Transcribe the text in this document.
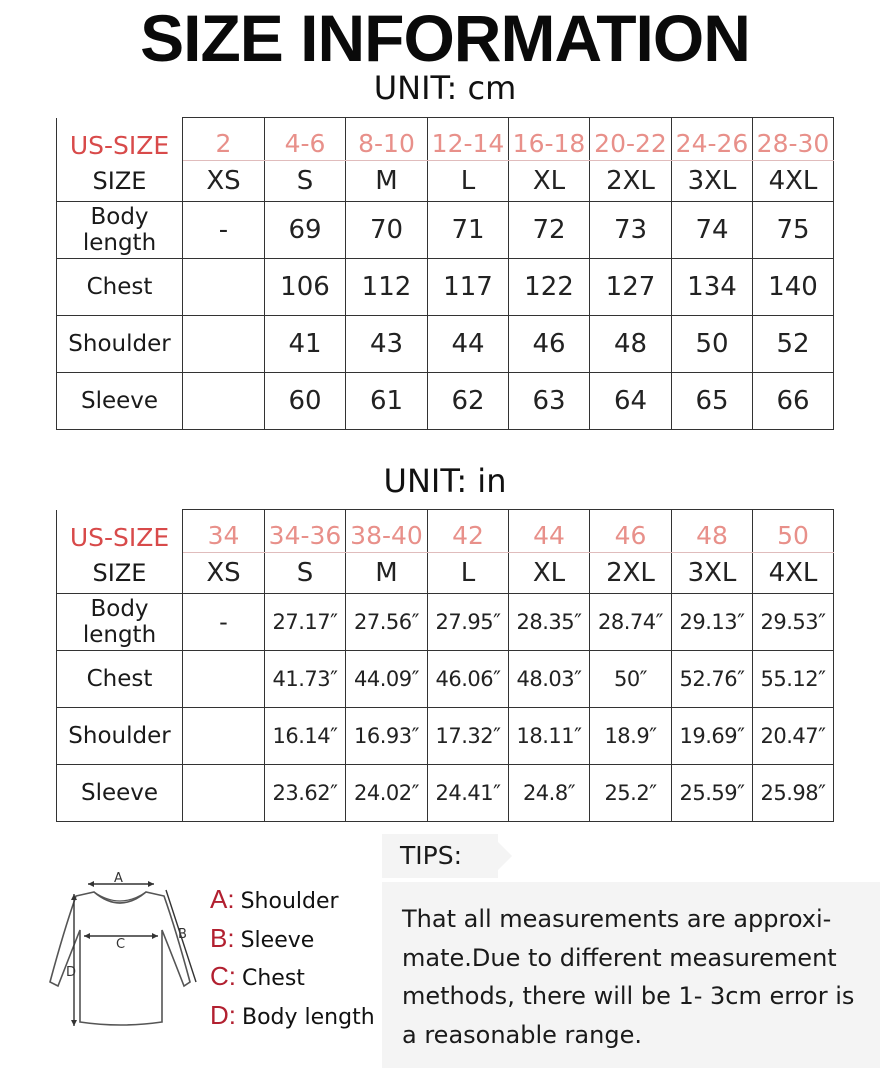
SIZE INFORMATION
UNIT: cm
US-SIZE	2	4-6	8-10	12-14	16-18	20-22	24-26	28-30
SIZE	XS	S	M	L	XL	2XL	3XL	4XL
Body
length	-	69	70	71	72	73	74	75
Chest		106	112	117	122	127	134	140
Shoulder		41	43	44	46	48	50	52
Sleeve		60	61	62	63	64	65	66
UNIT: in
US-SIZE	34	34-36	38-40	42	44	46	48	50
SIZE	XS	S	M	L	XL	2XL	3XL	4XL
Body
length	-	27.17″	27.56″	27.95″	28.35″	28.74″	29.13″	29.53″
Chest		41.73″	44.09″	46.06″	48.03″	50″	52.76″	55.12″
Shoulder		16.14″	16.93″	17.32″	18.11″	18.9″	19.69″	20.47″
Sleeve		23.62″	24.02″	24.41″	24.8″	25.2″	25.59″	25.98″
A
B
C
D
A: Shoulder
B: Sleeve
C: Chest
D: Body length
TIPS:
That all measurements are approxi-
mate.Due to different measurement
methods, there will be 1- 3cm error is
a reasonable range.
